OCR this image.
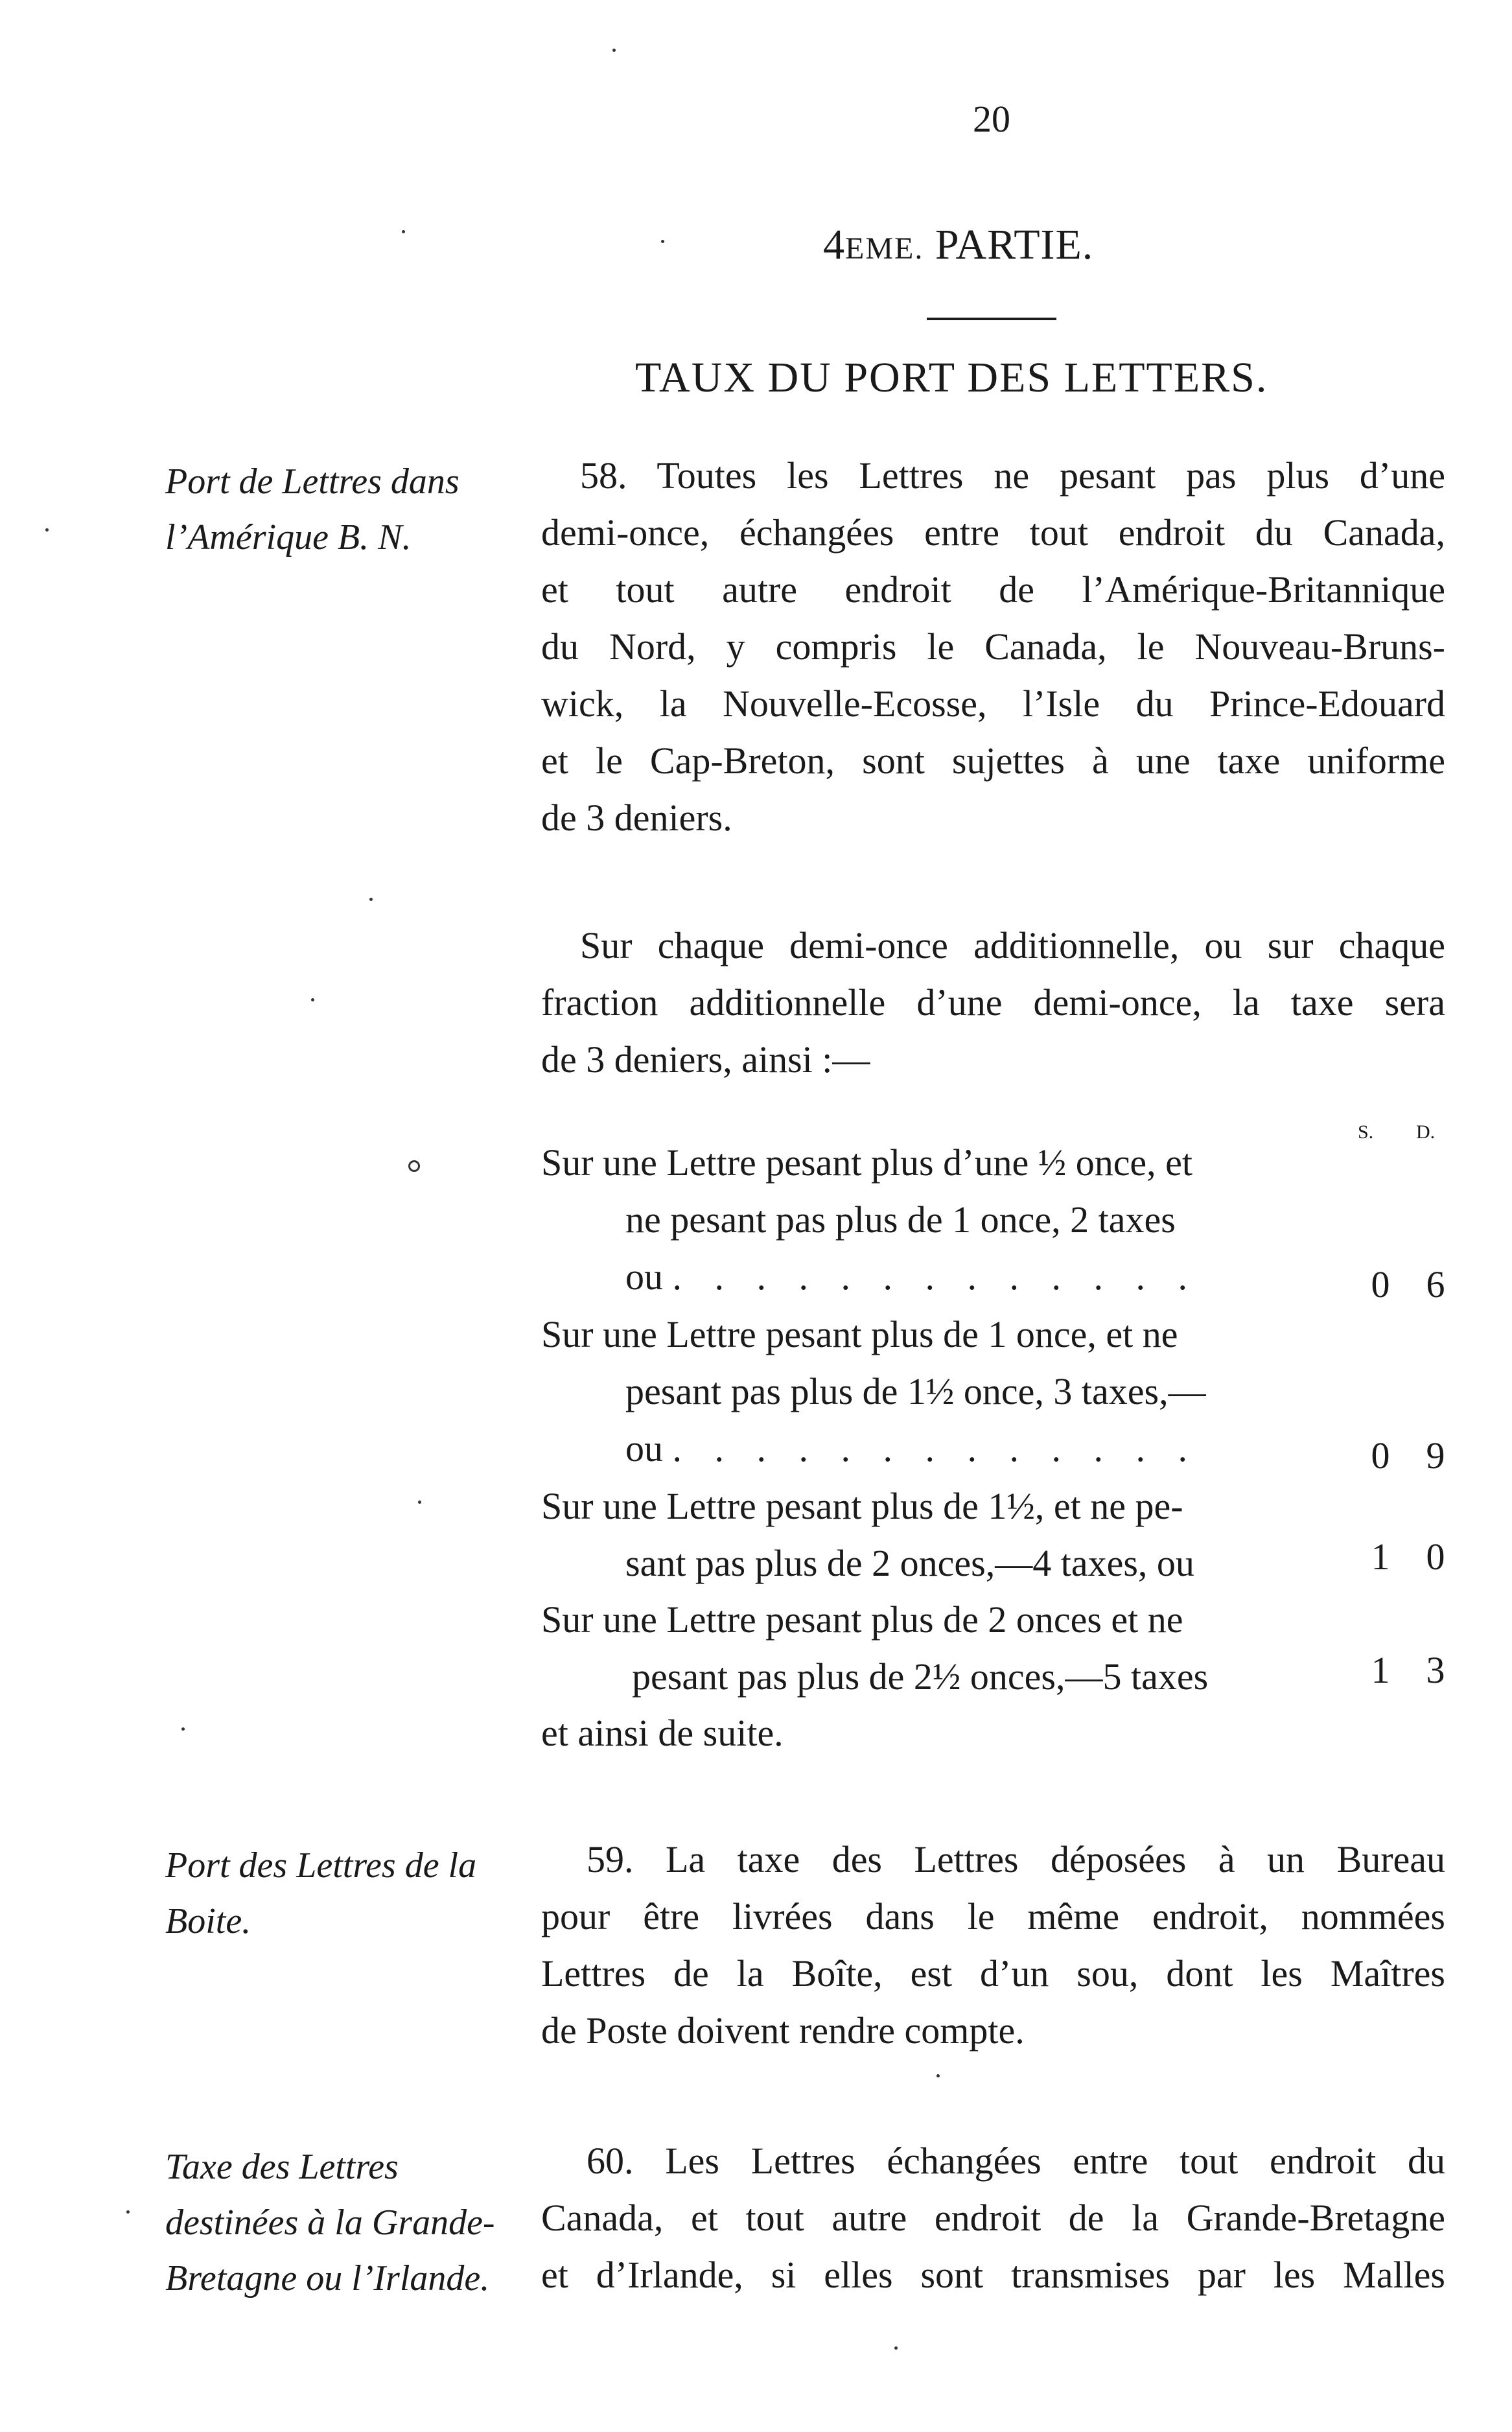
20
4EME. PARTIE.
TAUX DU PORT DES LETTERS.
Port de Lettres dans l’Amérique B. N.
58. Toutes les Lettres ne pesant pas plus d’une
demi-once, échangées entre tout endroit du Canada,
et tout autre endroit de l’Amérique-Britannique
du Nord, y compris le Canada, le Nouveau-Bruns-
wick, la Nouvelle-Ecosse, l’Isle du Prince-Edouard
et le Cap-Breton, sont sujettes à une taxe uniforme
de 3 deniers.
Sur chaque demi-once additionnelle, ou sur chaque
fraction additionnelle d’une demi-once, la taxe sera
de 3 deniers, ainsi :—
S. D.
Sur une Lettre pesant plus d’une ½ once, et
ne pesant pas plus de 1 once, 2 taxes
ou . . . . . . . . . . . . .	0 6
Sur une Lettre pesant plus de 1 once, et ne
pesant pas plus de 1½ once, 3 taxes,—
ou . . . . . . . . . . . . .	0 9
Sur une Lettre pesant plus de 1½, et ne pe-
sant pas plus de 2 onces,—4 taxes, ou	1 0
Sur une Lettre pesant plus de 2 onces et ne
pesant pas plus de 2½ onces,—5 taxes	1 3
et ainsi de suite.
Port des Lettres de la Boite.
59. La taxe des Lettres déposées à un Bureau
pour être livrées dans le même endroit, nommées
Lettres de la Boîte, est d’un sou, dont les Maîtres
de Poste doivent rendre compte.
Taxe des Lettres destinées à la Grande-Bretagne ou l’Irlande.
60. Les Lettres échangées entre tout endroit du
Canada, et tout autre endroit de la Grande-Bretagne
et d’Irlande, si elles sont transmises par les Malles
